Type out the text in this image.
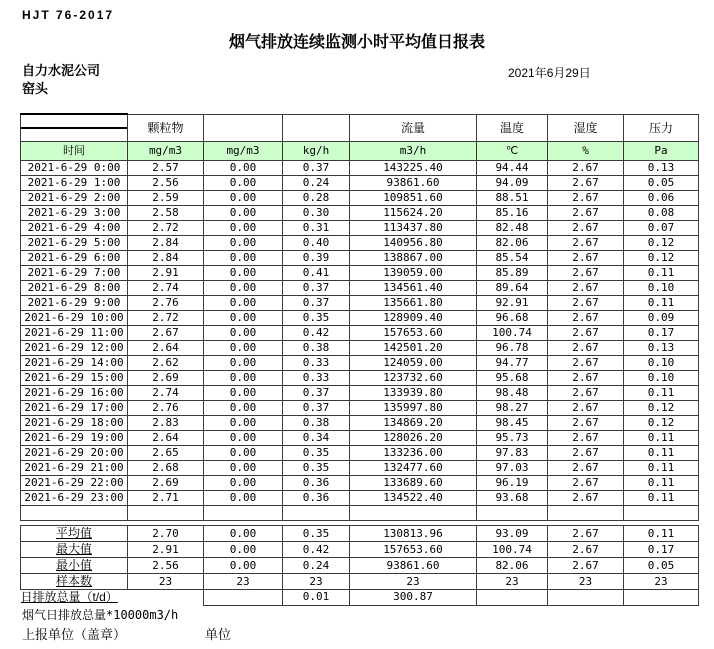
HJT 76-2017
烟气排放连续监测小时平均值日报表
自力水泥公司
窑头
2021年6月29日
	颗粒物			流量	温度	湿度	压力
时间	mg/m3	mg/m3	kg/h	m3/h	℃	%	Pa
2021-6-29 0:00	2.57	0.00	0.37	143225.40	94.44	2.67	0.13
2021-6-29 1:00	2.56	0.00	0.24	93861.60	94.09	2.67	0.05
2021-6-29 2:00	2.59	0.00	0.28	109851.60	88.51	2.67	0.06
2021-6-29 3:00	2.58	0.00	0.30	115624.20	85.16	2.67	0.08
2021-6-29 4:00	2.72	0.00	0.31	113437.80	82.48	2.67	0.07
2021-6-29 5:00	2.84	0.00	0.40	140956.80	82.06	2.67	0.12
2021-6-29 6:00	2.84	0.00	0.39	138867.00	85.54	2.67	0.12
2021-6-29 7:00	2.91	0.00	0.41	139059.00	85.89	2.67	0.11
2021-6-29 8:00	2.74	0.00	0.37	134561.40	89.64	2.67	0.10
2021-6-29 9:00	2.76	0.00	0.37	135661.80	92.91	2.67	0.11
2021-6-29 10:00	2.72	0.00	0.35	128909.40	96.68	2.67	0.09
2021-6-29 11:00	2.67	0.00	0.42	157653.60	100.74	2.67	0.17
2021-6-29 12:00	2.64	0.00	0.38	142501.20	96.78	2.67	0.13
2021-6-29 14:00	2.62	0.00	0.33	124059.00	94.77	2.67	0.10
2021-6-29 15:00	2.69	0.00	0.33	123732.60	95.68	2.67	0.10
2021-6-29 16:00	2.74	0.00	0.37	133939.80	98.48	2.67	0.11
2021-6-29 17:00	2.76	0.00	0.37	135997.80	98.27	2.67	0.12
2021-6-29 18:00	2.83	0.00	0.38	134869.20	98.45	2.67	0.12
2021-6-29 19:00	2.64	0.00	0.34	128026.20	95.73	2.67	0.11
2021-6-29 20:00	2.65	0.00	0.35	133236.00	97.83	2.67	0.11
2021-6-29 21:00	2.68	0.00	0.35	132477.60	97.03	2.67	0.11
2021-6-29 22:00	2.69	0.00	0.36	133689.60	96.19	2.67	0.11
2021-6-29 23:00	2.71	0.00	0.36	134522.40	93.68	2.67	0.11

平均值	2.70	0.00	0.35	130813.96	93.09	2.67	0.11
最大值	2.91	0.00	0.42	157653.60	100.74	2.67	0.17
最小值	2.56	0.00	0.24	93861.60	82.06	2.67	0.05
样本数	23	23	23	23	23	23	23
日排放总量（t/d）			0.01	300.87			
烟气日排放总量*10000m3/h
上报单位（盖章）	单位
